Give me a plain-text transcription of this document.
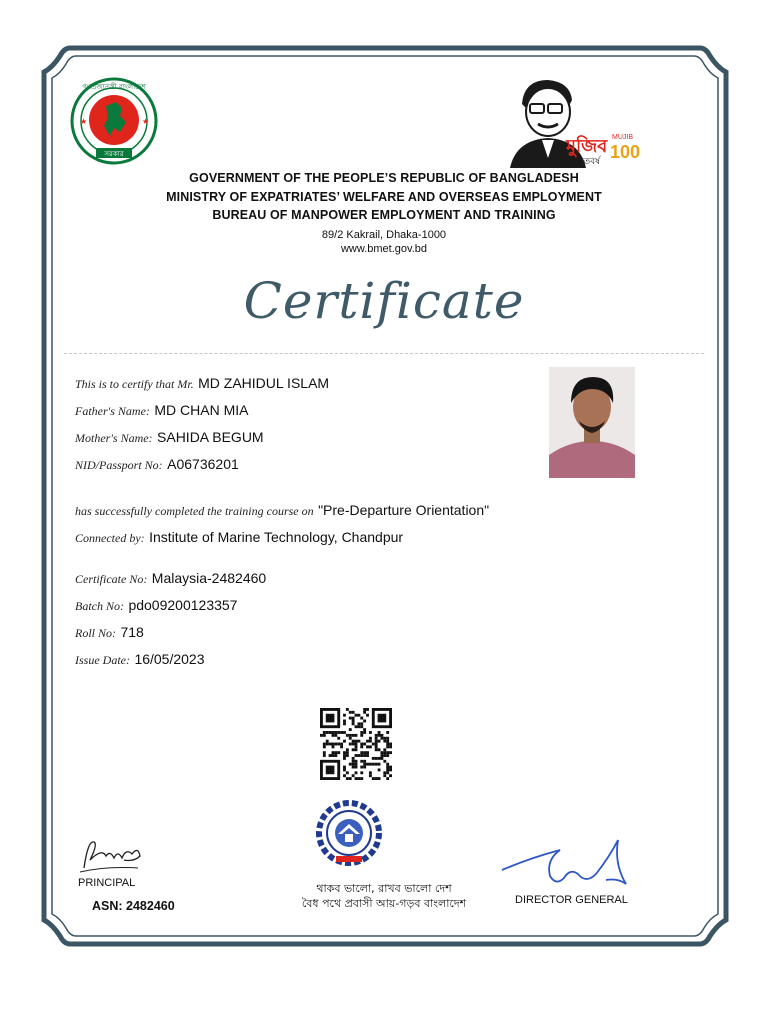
গণপ্রজাতন্ত্রী বাংলাদেশ
সরকার
★	★
মুজিব MUJIB
100
শতবর্ষ
GOVERNMENT OF THE PEOPLE’S REPUBLIC OF BANGLADESH
MINISTRY OF EXPATRIATES’ WELFARE AND OVERSEAS EMPLOYMENT
BUREAU OF MANPOWER EMPLOYMENT AND TRAINING
89/2 Kakrail, Dhaka-1000
www.bmet.gov.bd
Certificate
This is to certify that Mr. MD ZAHIDUL ISLAM
Father's Name: MD CHAN MIA
Mother's Name: SAHIDA BEGUM
NID/Passport No: A06736201
has successfully completed the training course on "Pre-Departure Orientation"
Connected by: Institute of Marine Technology, Chandpur
Certificate No: Malaysia-2482460
Batch No: pdo09200123357
Roll No: 718
Issue Date: 16/05/2023
থাকব ভালো, রাখব ভালো দেশ
বৈধ পথে প্রবাসী আয়-গড়ব বাংলাদেশ
PRINCIPAL
ASN: 2482460	DIRECTOR GENERAL
